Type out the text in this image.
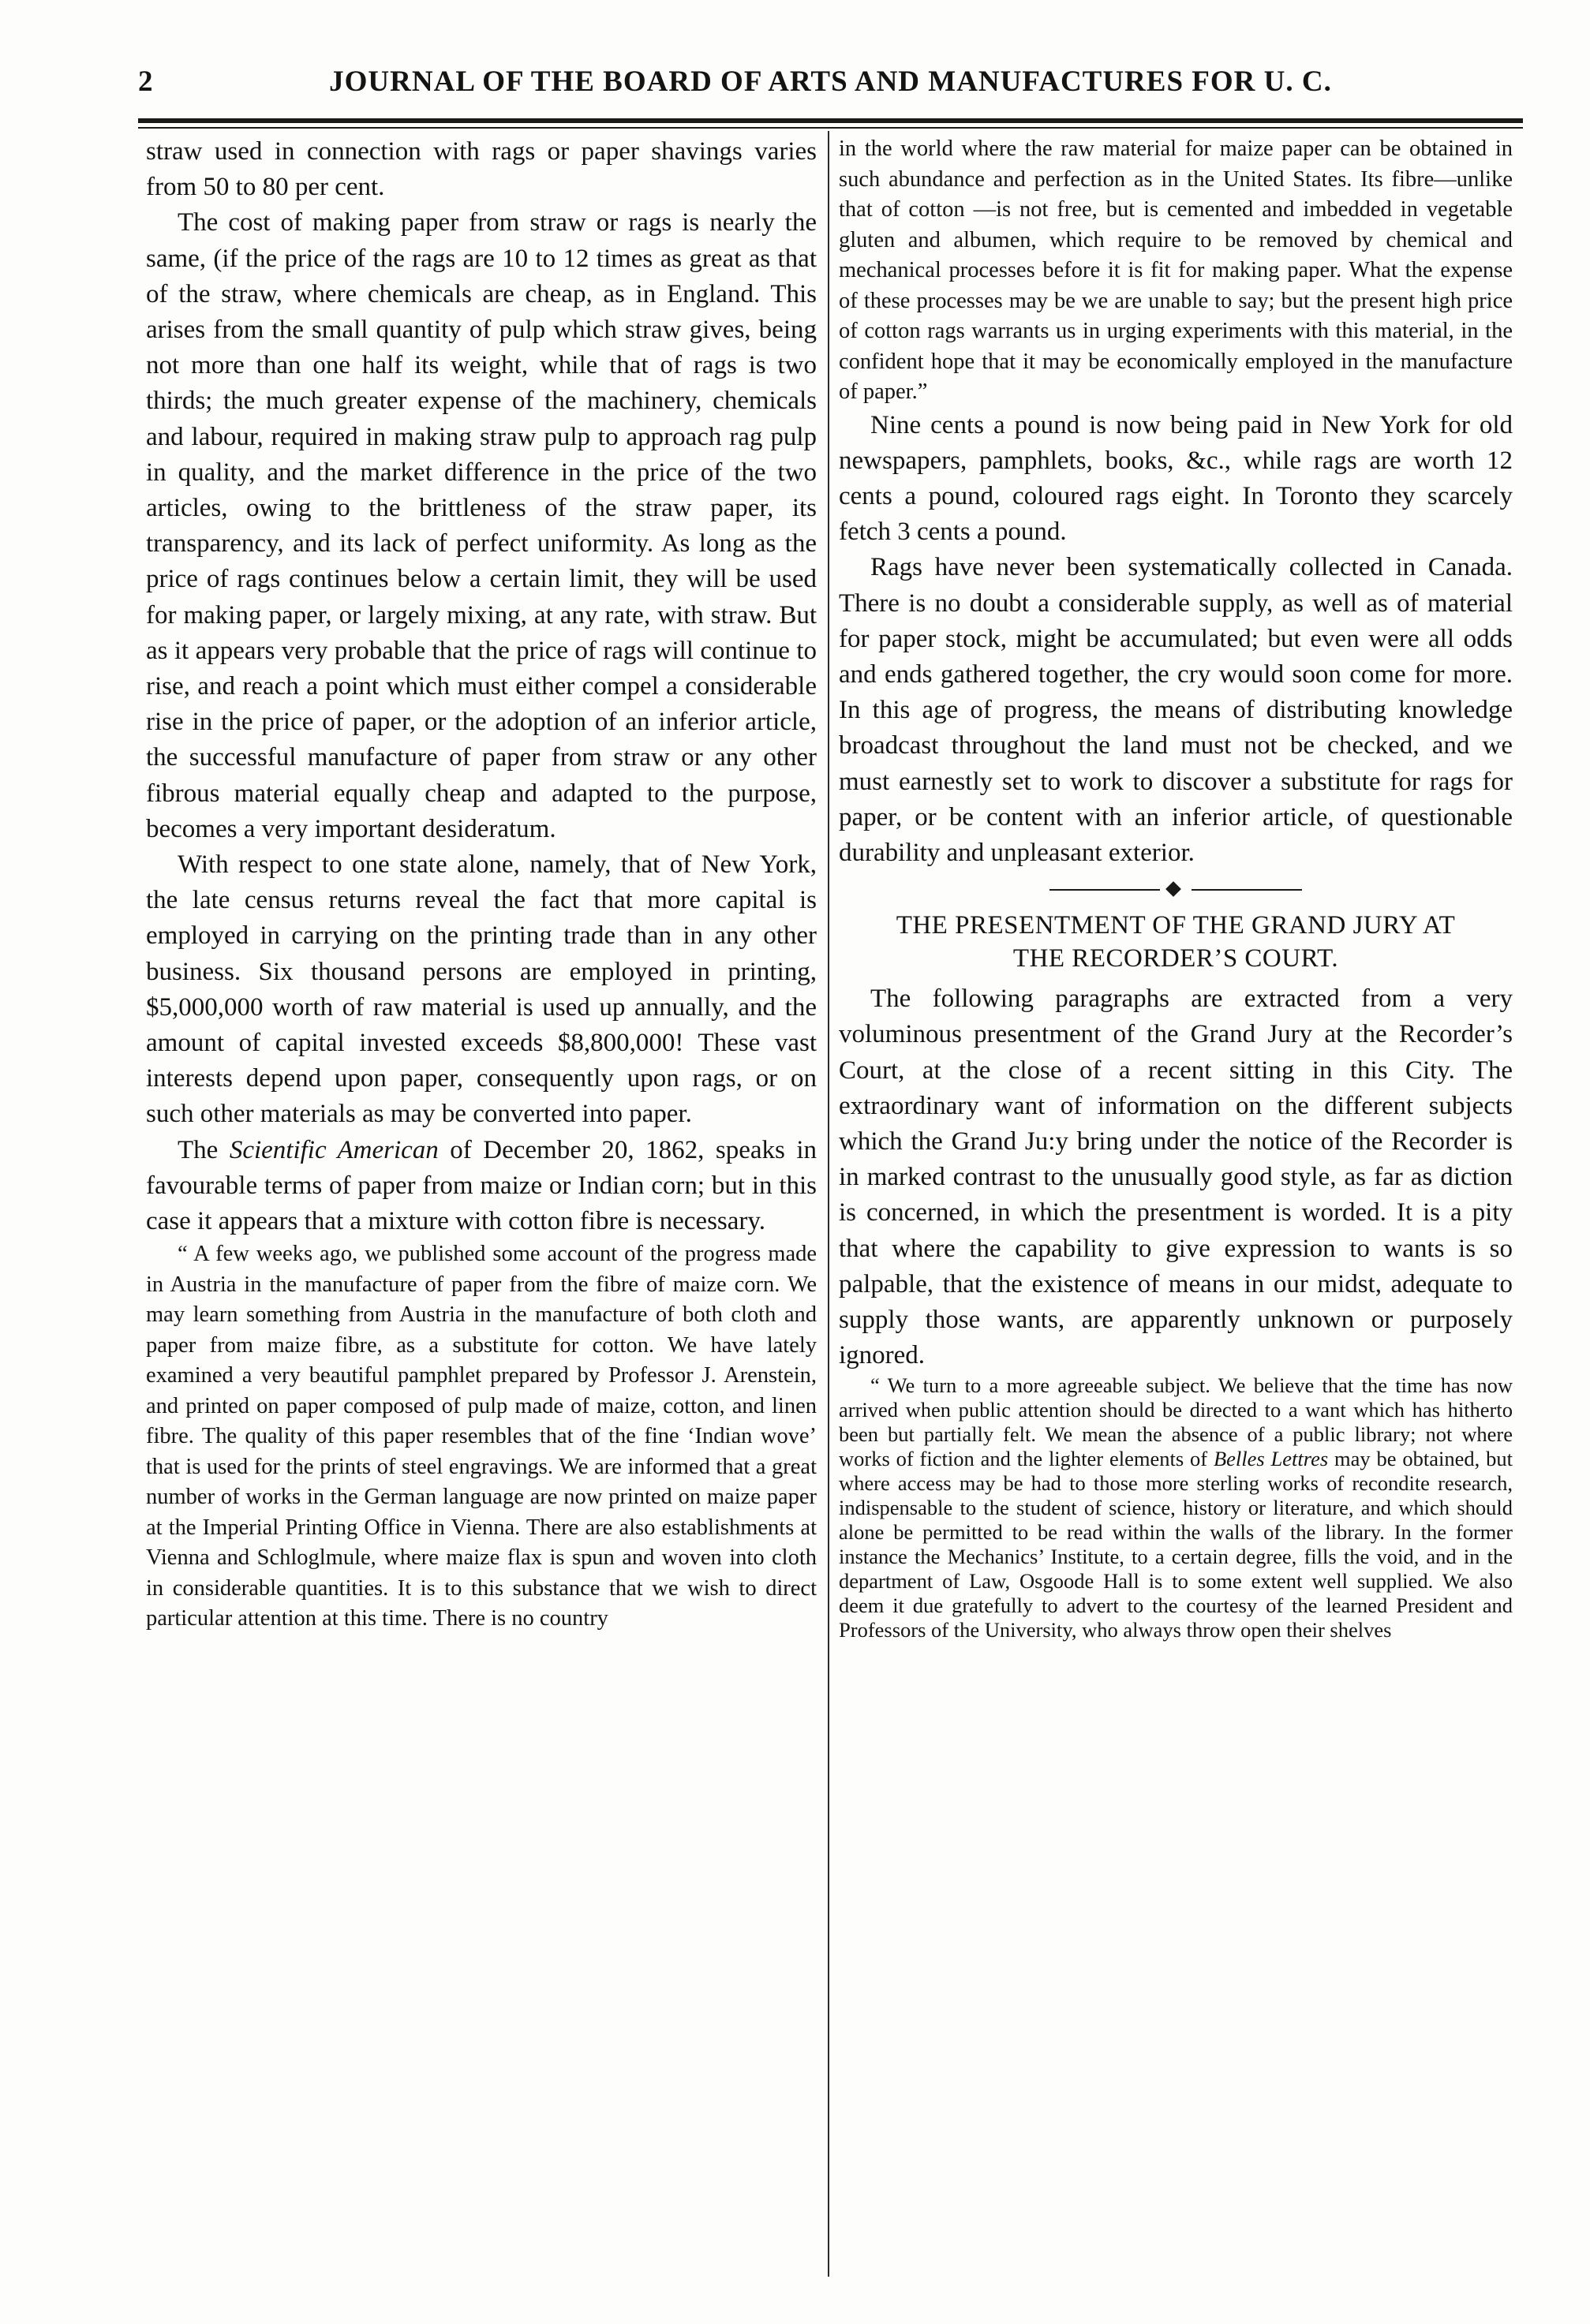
2	JOURNAL OF THE BOARD OF ARTS AND MANUFACTURES FOR U. C.

straw used in connection with rags or paper shavings varies from 50 to 80 per cent.

The cost of making paper from straw or rags is nearly the same, (if the price of the rags are 10 to 12 times as great as that of the straw, where chemicals are cheap, as in England. This arises from the small quantity of pulp which straw gives, being not more than one half its weight, while that of rags is two thirds; the much greater expense of the machinery, chemicals and labour, required in making straw pulp to approach rag pulp in quality, and the market difference in the price of the two articles, owing to the brittleness of the straw paper, its transparency, and its lack of perfect uniformity. As long as the price of rags continues below a certain limit, they will be used for making paper, or largely mixing, at any rate, with straw. But as it appears very probable that the price of rags will continue to rise, and reach a point which must either compel a considerable rise in the price of paper, or the adoption of an inferior article, the successful manufacture of paper from straw or any other fibrous material equally cheap and adapted to the purpose, becomes a very important desideratum.

With respect to one state alone, namely, that of New York, the late census returns reveal the fact that more capital is employed in carrying on the printing trade than in any other business. Six thousand persons are employed in printing, $5,000,000 worth of raw material is used up annually, and the amount of capital invested exceeds $8,800,000! These vast interests depend upon paper, consequently upon rags, or on such other materials as may be converted into paper.

The Scientific American of December 20, 1862, speaks in favourable terms of paper from maize or Indian corn; but in this case it appears that a mixture with cotton fibre is necessary.

“ A few weeks ago, we published some account of the progress made in Austria in the manufacture of paper from the fibre of maize corn. We may learn something from Austria in the manufacture of both cloth and paper from maize fibre, as a substitute for cotton. We have lately examined a very beautiful pamphlet prepared by Professor J. Arenstein, and printed on paper composed of pulp made of maize, cotton, and linen fibre. The quality of this paper resembles that of the fine ‘Indian wove’ that is used for the prints of steel engravings. We are informed that a great number of works in the German language are now printed on maize paper at the Imperial Printing Office in Vienna. There are also establishments at Vienna and Schloglmule, where maize flax is spun and woven into cloth in considerable quantities. It is to this substance that we wish to direct particular attention at this time. There is no country

in the world where the raw material for maize paper can be obtained in such abundance and perfection as in the United States. Its fibre—unlike that of cotton —is not free, but is cemented and imbedded in vegetable gluten and albumen, which require to be removed by chemical and mechanical processes before it is fit for making paper. What the expense of these processes may be we are unable to say; but the present high price of cotton rags warrants us in urging experiments with this material, in the confident hope that it may be economically employed in the manufacture of paper.”

Nine cents a pound is now being paid in New York for old newspapers, pamphlets, books, &c., while rags are worth 12 cents a pound, coloured rags eight. In Toronto they scarcely fetch 3 cents a pound.

Rags have never been systematically collected in Canada. There is no doubt a considerable supply, as well as of material for paper stock, might be accumulated; but even were all odds and ends gathered together, the cry would soon come for more. In this age of progress, the means of distributing knowledge broadcast throughout the land must not be checked, and we must earnestly set to work to discover a substitute for rags for paper, or be content with an inferior article, of questionable durability and unpleasant exterior.

THE PRESENTMENT OF THE GRAND JURY AT
THE RECORDER’S COURT.

The following paragraphs are extracted from a very voluminous presentment of the Grand Jury at the Recorder’s Court, at the close of a recent sitting in this City. The extraordinary want of information on the different subjects which the Grand Ju:y bring under the notice of the Recorder is in marked contrast to the unusually good style, as far as diction is concerned, in which the presentment is worded. It is a pity that where the capability to give expression to wants is so palpable, that the existence of means in our midst, adequate to supply those wants, are apparently unknown or purposely ignored.

“ We turn to a more agreeable subject. We believe that the time has now arrived when public attention should be directed to a want which has hitherto been but partially felt. We mean the absence of a public library; not where works of fiction and the lighter elements of Belles Lettres may be obtained, but where access may be had to those more sterling works of recondite research, indispensable to the student of science, history or literature, and which should alone be permitted to be read within the walls of the library. In the former instance the Mechanics’ Institute, to a certain degree, fills the void, and in the department of Law, Osgoode Hall is to some extent well supplied. We also deem it due gratefully to advert to the courtesy of the learned President and Professors of the University, who always throw open their shelves
